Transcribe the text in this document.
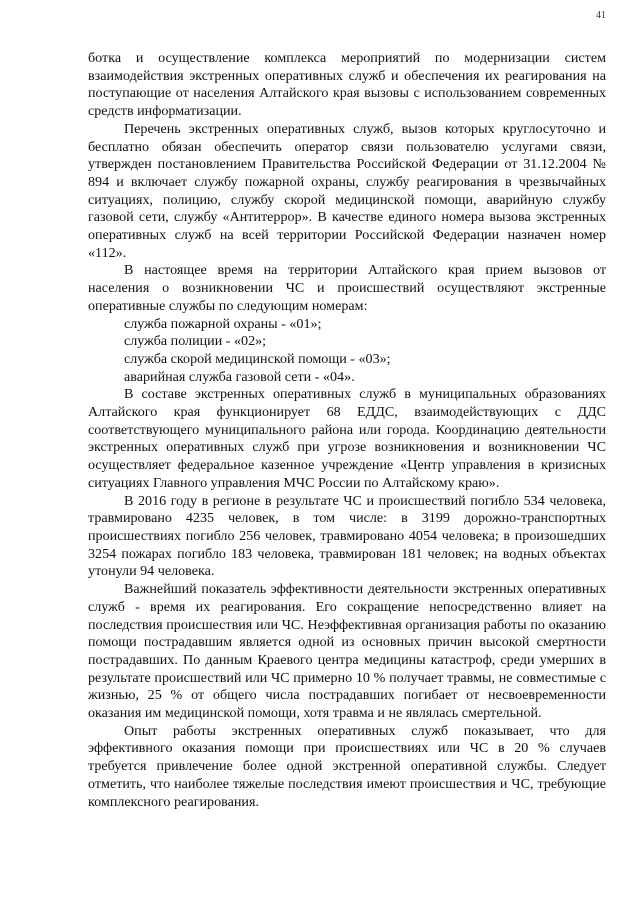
41

ботка и осуществление комплекса мероприятий по модернизации систем взаимодействия экстренных оперативных служб и обеспечения их реагирования на поступающие от населения Алтайского края вызовы с использованием современных средств информатизации.

Перечень экстренных оперативных служб, вызов которых круглосуточно и бесплатно обязан обеспечить оператор связи пользователю услугами связи, утвержден постановлением Правительства Российской Федерации от 31.12.2004 № 894 и включает службу пожарной охраны, службу реагирования в чрезвычайных ситуациях, полицию, службу скорой медицинской помощи, аварийную службу газовой сети, службу «Антитеррор». В качестве единого номера вызова экстренных оперативных служб на всей территории Российской Федерации назначен номер «112».

В настоящее время на территории Алтайского края прием вызовов от населения о возникновении ЧС и происшествий осуществляют экстренные оперативные службы по следующим номерам:

служба пожарной охраны - «01»;

служба полиции - «02»;

служба скорой медицинской помощи - «03»;

аварийная служба газовой сети - «04».

В составе экстренных оперативных служб в муниципальных образованиях Алтайского края функционирует 68 ЕДДС, взаимодействующих с ДДС соответствующего муниципального района или города. Координацию деятельности экстренных оперативных служб при угрозе возникновения и возникновении ЧС осуществляет федеральное казенное учреждение «Центр управления в кризисных ситуациях Главного управления МЧС России по Алтайскому краю».

В 2016 году в регионе в результате ЧС и происшествий погибло 534 человека, травмировано 4235 человек, в том числе: в 3199 дорожно-транспортных происшествиях погибло 256 человек, травмировано 4054 человека; в произошедших 3254 пожарах погибло 183 человека, травмирован 181 человек; на водных объектах утонули 94 человека.

Важнейший показатель эффективности деятельности экстренных оперативных служб - время их реагирования. Его сокращение непосредственно влияет на последствия происшествия или ЧС. Неэффективная организация работы по оказанию помощи пострадавшим является одной из основных причин высокой смертности пострадавших. По данным Краевого центра медицины катастроф, среди умерших в результате происшествий или ЧС примерно 10 % получает травмы, не совместимые с жизнью, 25 % от общего числа пострадавших погибает от несвоевременности оказания им медицинской помощи, хотя травма и не являлась смертельной.

Опыт работы экстренных оперативных служб показывает, что для эффективного оказания помощи при происшествиях или ЧС в 20 % случаев требуется привлечение более одной экстренной оперативной службы. Следует отметить, что наиболее тяжелые последствия имеют происшествия и ЧС, требующие комплексного реагирования.
